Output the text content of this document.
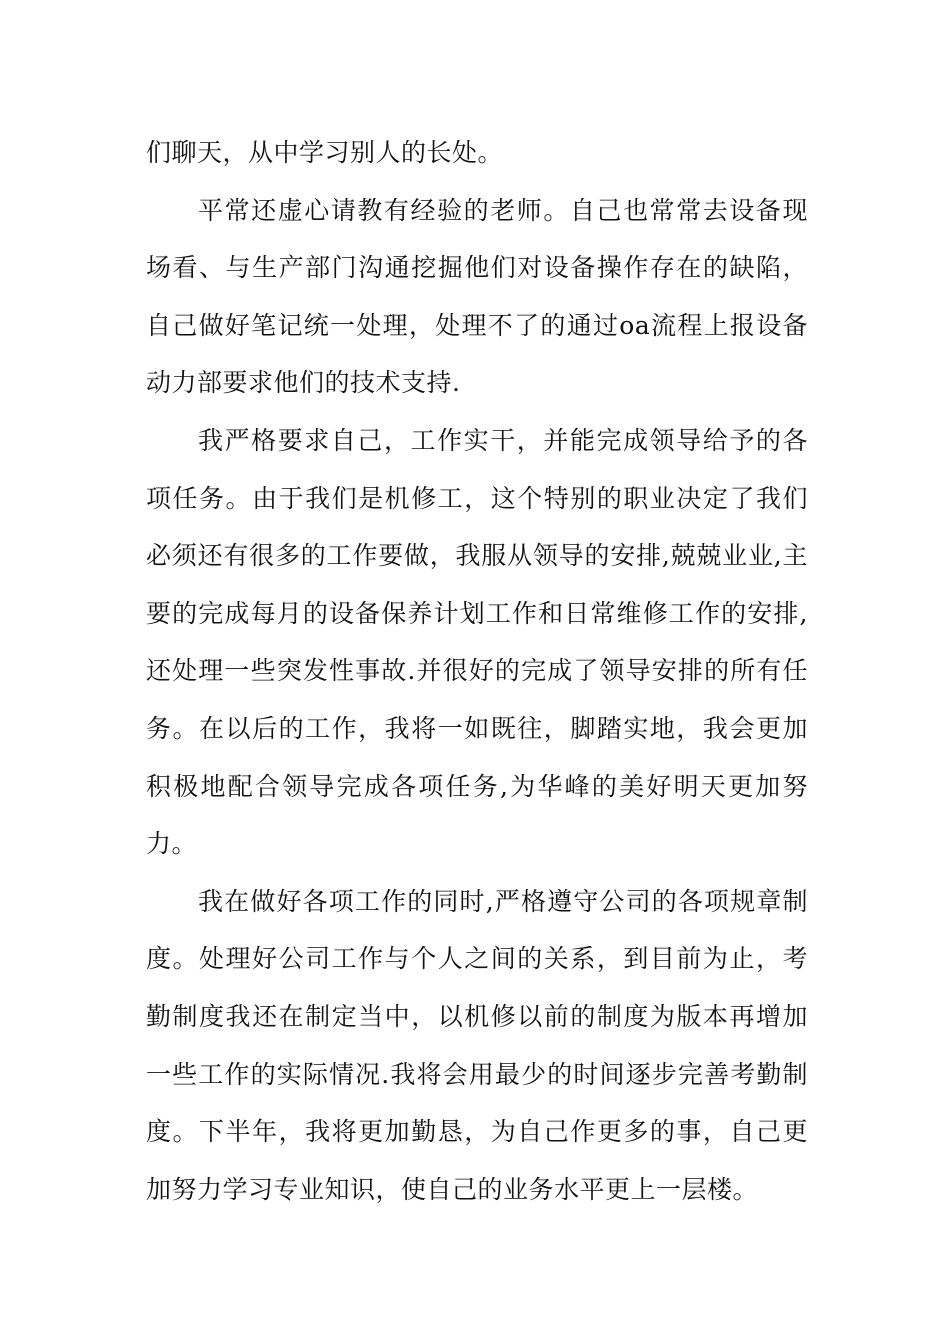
们聊天，从中学习别人的长处。

平常还虚心请教有经验的老师。自己也常常去设备现场看、与生产部门沟通挖掘他们对设备操作存在的缺陷，自己做好笔记统一处理，处理不了的通过oa流程上报设备动力部要求他们的技术支持.

我严格要求自己，工作实干，并能完成领导给予的各项任务。由于我们是机修工，这个特别的职业决定了我们必须还有很多的工作要做，我服从领导的安排,兢兢业业,主要的完成每月的设备保养计划工作和日常维修工作的安排,还处理一些突发性事故.并很好的完成了领导安排的所有任务。在以后的工作，我将一如既往，脚踏实地，我会更加积极地配合领导完成各项任务,为华峰的美好明天更加努力。

我在做好各项工作的同时,严格遵守公司的各项规章制度。处理好公司工作与个人之间的关系，到目前为止，考勤制度我还在制定当中，以机修以前的制度为版本再增加一些工作的实际情况.我将会用最少的时间逐步完善考勤制度。下半年，我将更加勤恳，为自己作更多的事，自己更加努力学习专业知识，使自己的业务水平更上一层楼。
